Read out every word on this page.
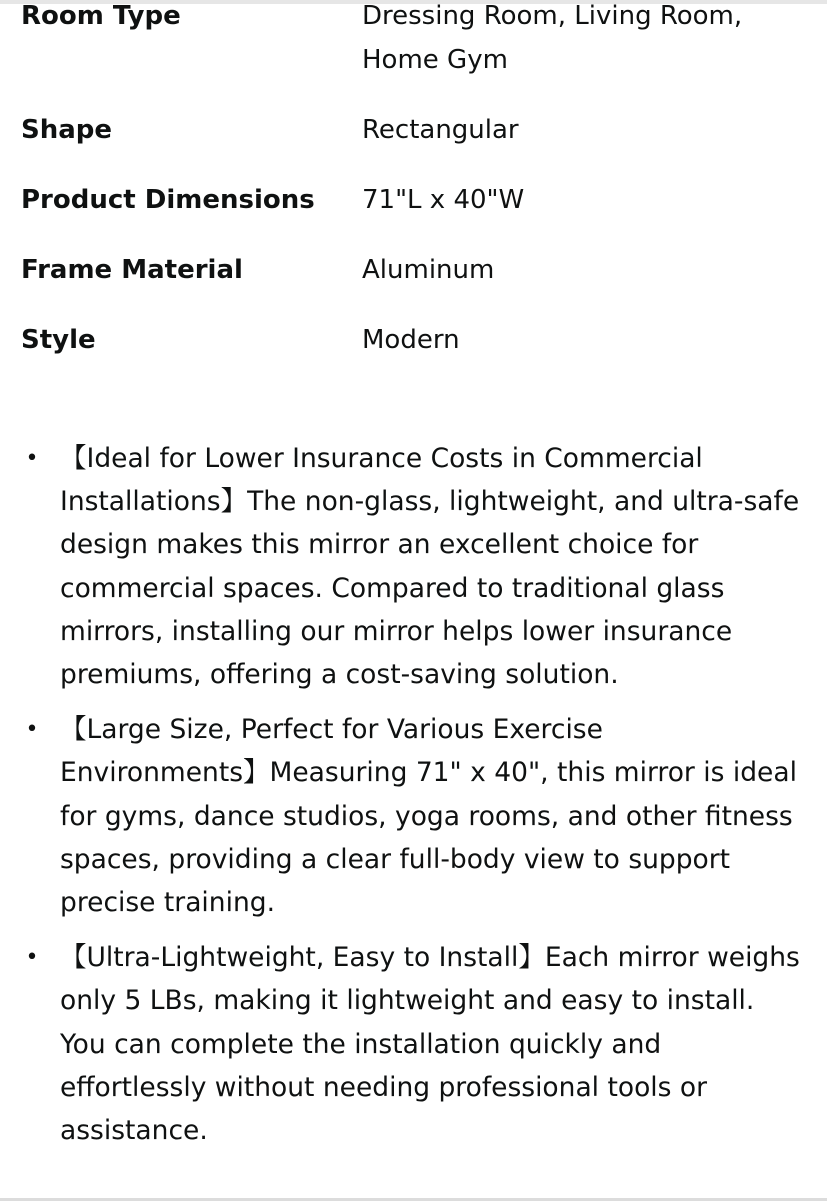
Room Type	Dressing Room, Living Room, Home Gym
Shape	Rectangular
Product Dimensions	71"L x 40"W
Frame Material	Aluminum
Style	Modern
• 【Ideal for Lower Insurance Costs in Commercial Installations】The non-glass, lightweight, and ultra-safe design makes this mirror an excellent choice for commercial spaces. Compared to traditional glass mirrors, installing our mirror helps lower insurance premiums, offering a cost-saving solution.
• 【Large Size, Perfect for Various Exercise Environments】Measuring 71" x 40", this mirror is ideal for gyms, dance studios, yoga rooms, and other fitness spaces, providing a clear full-body view to support precise training.
• 【Ultra-Lightweight, Easy to Install】Each mirror weighs only 5 LBs, making it lightweight and easy to install. You can complete the installation quickly and effortlessly without needing professional tools or assistance.
